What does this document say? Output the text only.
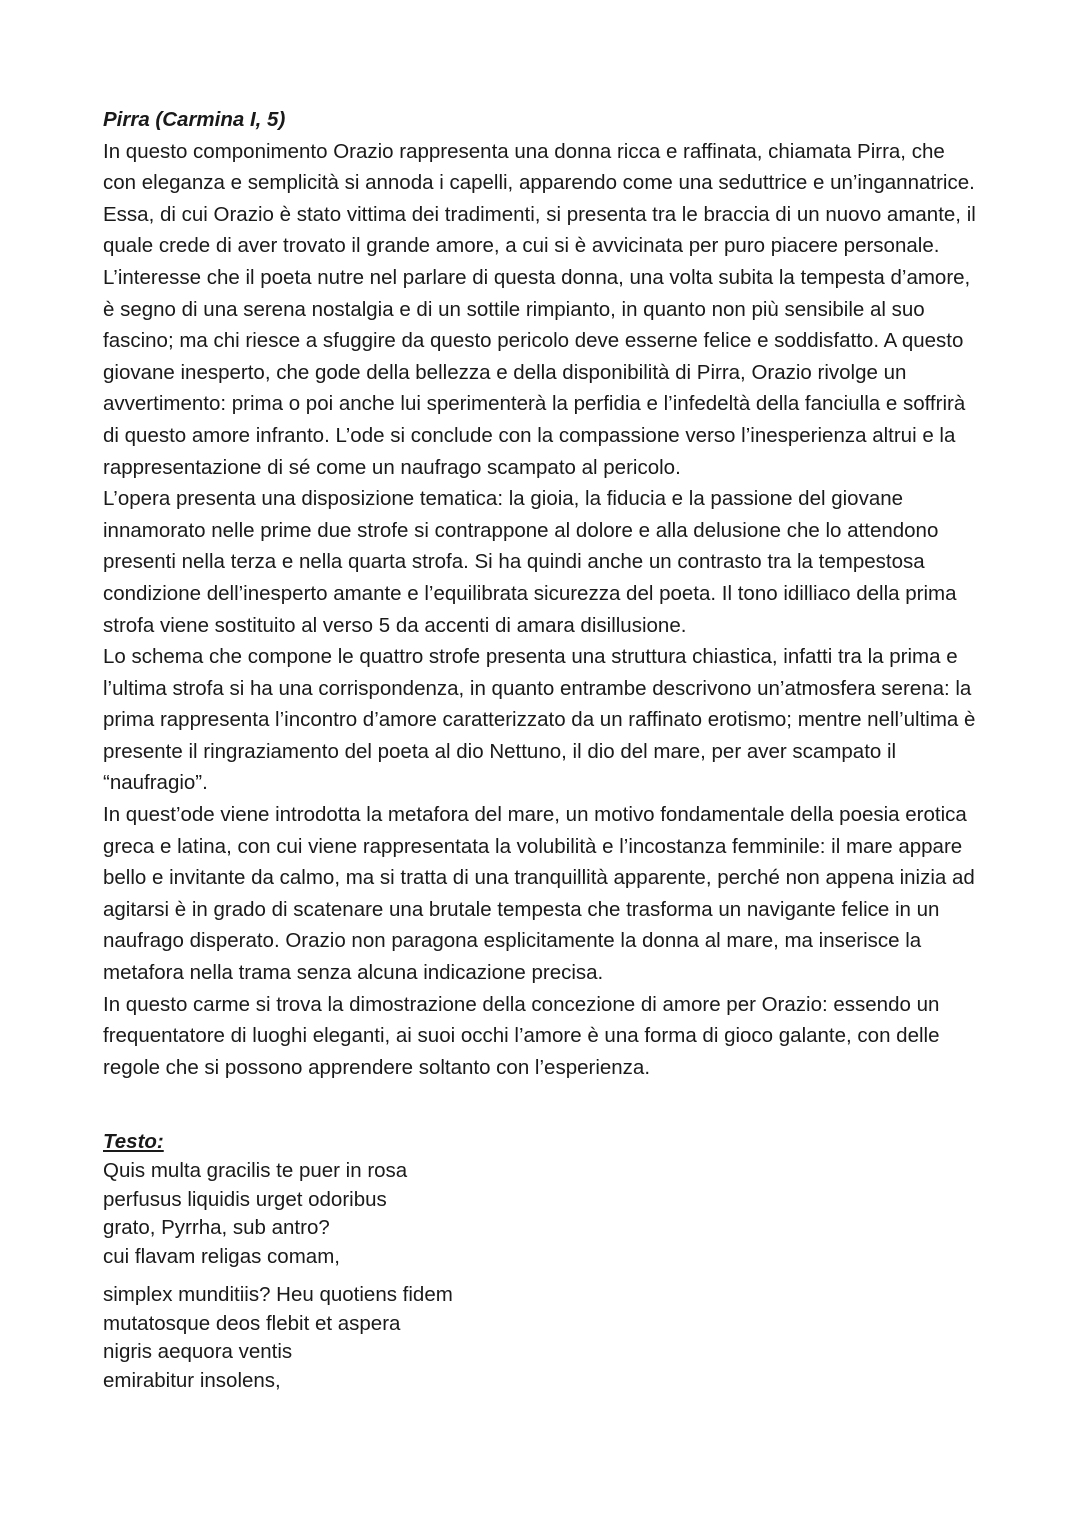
Pirra (Carmina I, 5)

In questo componimento Orazio rappresenta una donna ricca e raffinata, chiamata Pirra, che con eleganza e semplicità si annoda i capelli, apparendo come una seduttrice e un’ingannatrice. Essa, di cui Orazio è stato vittima dei tradimenti, si presenta tra le braccia di un nuovo amante, il quale crede di aver trovato il grande amore, a cui si è avvicinata per puro piacere personale. L’interesse che il poeta nutre nel parlare di questa donna, una volta subita la tempesta d’amore, è segno di una serena nostalgia e di un sottile rimpianto, in quanto non più sensibile al suo fascino; ma chi riesce a sfuggire da questo pericolo deve esserne felice e soddisfatto. A questo giovane inesperto, che gode della bellezza e della disponibilità di Pirra, Orazio rivolge un avvertimento: prima o poi anche lui sperimenterà la perfidia e l’infedeltà della fanciulla e soffrirà di questo amore infranto. L’ode si conclude con la compassione verso l’inesperienza altrui e la rappresentazione di sé come un naufrago scampato al pericolo.

L’opera presenta una disposizione tematica: la gioia, la fiducia e la passione del giovane innamorato nelle prime due strofe si contrappone al dolore e alla delusione che lo attendono presenti nella terza e nella quarta strofa. Si ha quindi anche un contrasto tra la tempestosa condizione dell’inesperto amante e l’equilibrata sicurezza del poeta. Il tono idilliaco della prima strofa viene sostituito al verso 5 da accenti di amara disillusione.

Lo schema che compone le quattro strofe presenta una struttura chiastica, infatti tra la prima e l’ultima strofa si ha una corrispondenza, in quanto entrambe descrivono un’atmosfera serena: la prima rappresenta l’incontro d’amore caratterizzato da un raffinato erotismo; mentre nell’ultima è presente il ringraziamento del poeta al dio Nettuno, il dio del mare, per aver scampato il “naufragio”.

In quest’ode viene introdotta la metafora del mare, un motivo fondamentale della poesia erotica greca e latina, con cui viene rappresentata la volubilità e l’incostanza femminile: il mare appare bello e invitante da calmo, ma si tratta di una tranquillità apparente, perché non appena inizia ad agitarsi è in grado di scatenare una brutale tempesta che trasforma un navigante felice in un naufrago disperato. Orazio non paragona esplicitamente la donna al mare, ma inserisce la metafora nella trama senza alcuna indicazione precisa.

In questo carme si trova la dimostrazione della concezione di amore per Orazio: essendo un frequentatore di luoghi eleganti, ai suoi occhi l’amore è una forma di gioco galante, con delle regole che si possono apprendere soltanto con l’esperienza.

Testo:

Quis multa gracilis te puer in rosa
perfusus liquidis urget odoribus
grato, Pyrrha, sub antro?
cui flavam religas comam,

simplex munditiis? Heu quotiens fidem
mutatosque deos flebit et aspera
nigris aequora ventis
emirabitur insolens,
